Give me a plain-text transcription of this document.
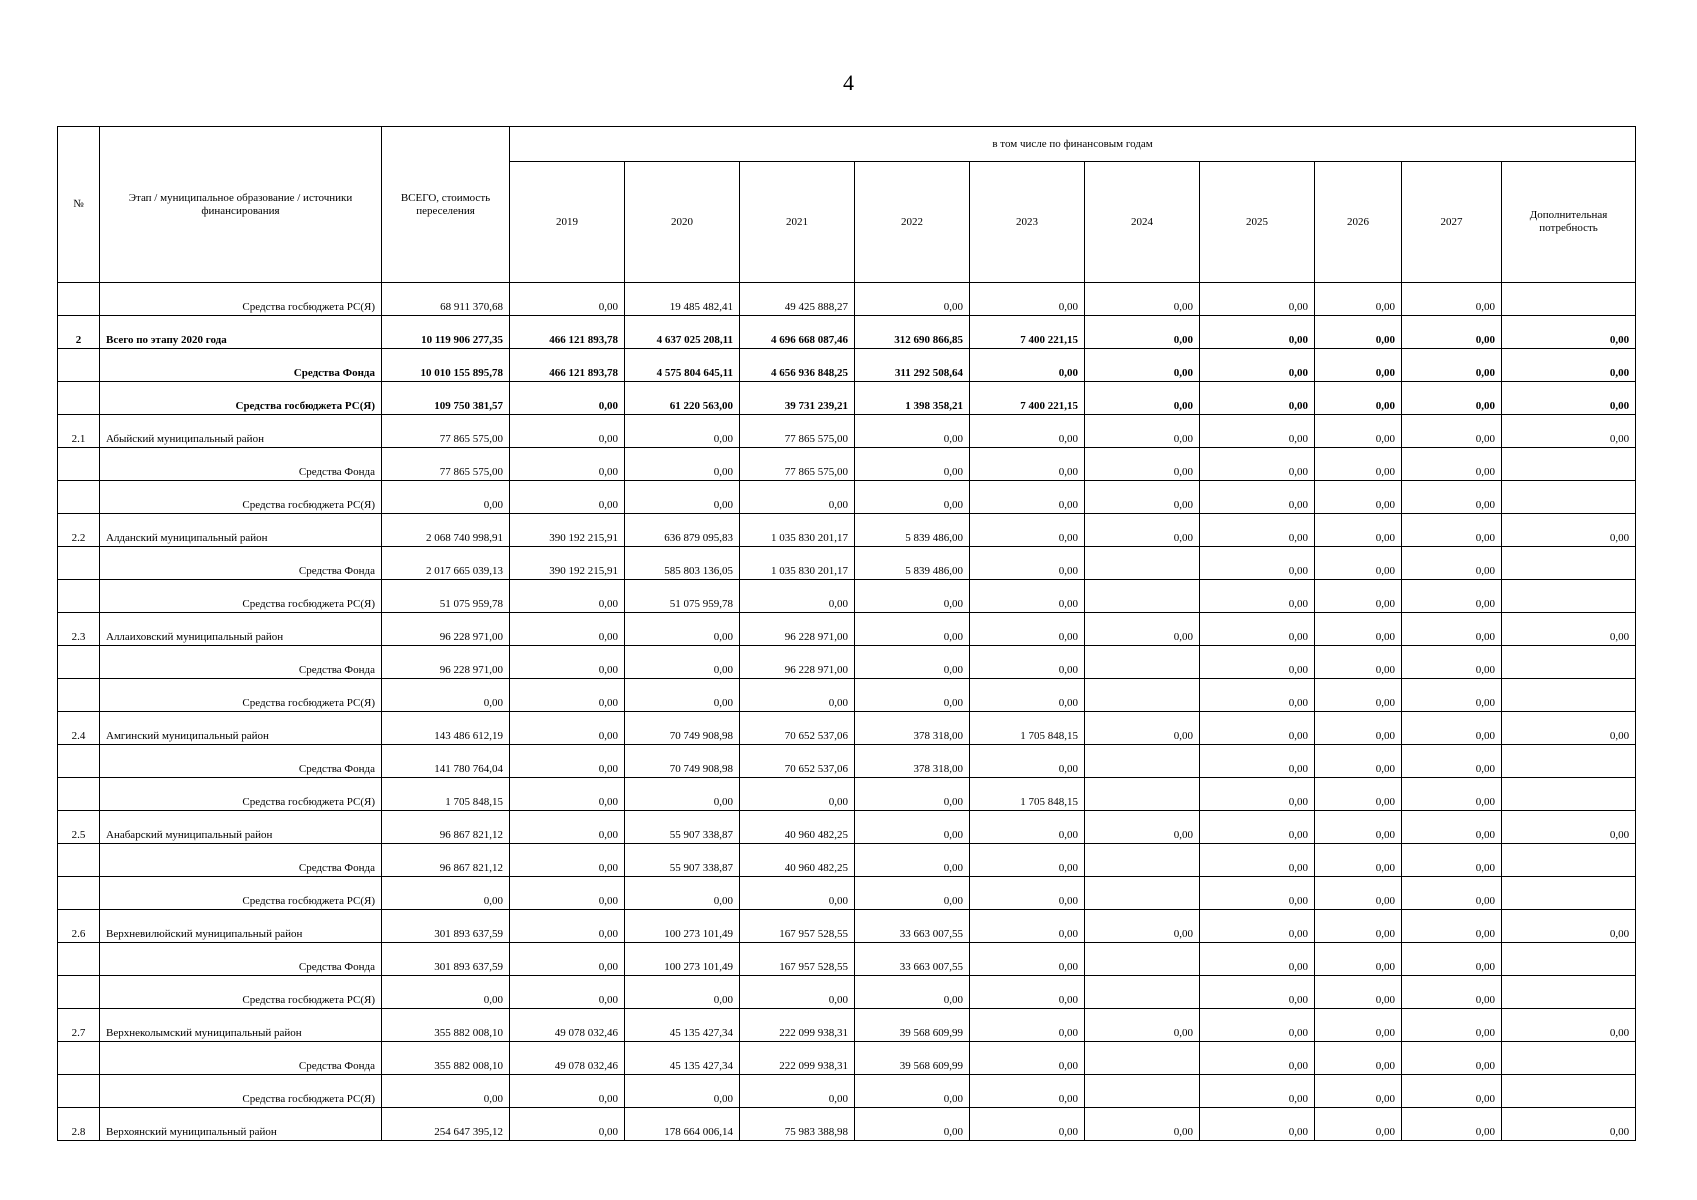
4
№	Этап / муниципальное образование / источники финансирования	ВСЕГО, стоимость переселения	в том числе по финансовым годам									
			2019	2020	2021	2022	2023	2024	2025	2026	2027	Дополнительная потребность
	Средства госбюджета РС(Я)	68 911 370,68	0,00	19 485 482,41	49 425 888,27	0,00	0,00	0,00	0,00	0,00	0,00	
2	Всего по этапу 2020 года	10 119 906 277,35	466 121 893,78	4 637 025 208,11	4 696 668 087,46	312 690 866,85	7 400 221,15	0,00	0,00	0,00	0,00	0,00
	Средства Фонда	10 010 155 895,78	466 121 893,78	4 575 804 645,11	4 656 936 848,25	311 292 508,64	0,00	0,00	0,00	0,00	0,00	0,00
	Средства госбюджета РС(Я)	109 750 381,57	0,00	61 220 563,00	39 731 239,21	1 398 358,21	7 400 221,15	0,00	0,00	0,00	0,00	0,00
2.1	Абыйский муниципальный район	77 865 575,00	0,00	0,00	77 865 575,00	0,00	0,00	0,00	0,00	0,00	0,00	0,00
	Средства Фонда	77 865 575,00	0,00	0,00	77 865 575,00	0,00	0,00	0,00	0,00	0,00	0,00	
	Средства госбюджета РС(Я)	0,00	0,00	0,00	0,00	0,00	0,00	0,00	0,00	0,00	0,00	
2.2	Алданский муниципальный район	2 068 740 998,91	390 192 215,91	636 879 095,83	1 035 830 201,17	5 839 486,00	0,00	0,00	0,00	0,00	0,00	0,00
	Средства Фонда	2 017 665 039,13	390 192 215,91	585 803 136,05	1 035 830 201,17	5 839 486,00	0,00		0,00	0,00	0,00	
	Средства госбюджета РС(Я)	51 075 959,78	0,00	51 075 959,78	0,00	0,00	0,00		0,00	0,00	0,00	
2.3	Аллаиховский муниципальный район	96 228 971,00	0,00	0,00	96 228 971,00	0,00	0,00	0,00	0,00	0,00	0,00	0,00
	Средства Фонда	96 228 971,00	0,00	0,00	96 228 971,00	0,00	0,00		0,00	0,00	0,00	
	Средства госбюджета РС(Я)	0,00	0,00	0,00	0,00	0,00	0,00		0,00	0,00	0,00	
2.4	Амгинский муниципальный район	143 486 612,19	0,00	70 749 908,98	70 652 537,06	378 318,00	1 705 848,15	0,00	0,00	0,00	0,00	0,00
	Средства Фонда	141 780 764,04	0,00	70 749 908,98	70 652 537,06	378 318,00	0,00		0,00	0,00	0,00	
	Средства госбюджета РС(Я)	1 705 848,15	0,00	0,00	0,00	0,00	1 705 848,15		0,00	0,00	0,00	
2.5	Анабарский муниципальный район	96 867 821,12	0,00	55 907 338,87	40 960 482,25	0,00	0,00	0,00	0,00	0,00	0,00	0,00
	Средства Фонда	96 867 821,12	0,00	55 907 338,87	40 960 482,25	0,00	0,00		0,00	0,00	0,00	
	Средства госбюджета РС(Я)	0,00	0,00	0,00	0,00	0,00	0,00		0,00	0,00	0,00	
2.6	Верхневилюйский муниципальный район	301 893 637,59	0,00	100 273 101,49	167 957 528,55	33 663 007,55	0,00	0,00	0,00	0,00	0,00	0,00
	Средства Фонда	301 893 637,59	0,00	100 273 101,49	167 957 528,55	33 663 007,55	0,00		0,00	0,00	0,00	
	Средства госбюджета РС(Я)	0,00	0,00	0,00	0,00	0,00	0,00		0,00	0,00	0,00	
2.7	Верхнеколымский муниципальный район	355 882 008,10	49 078 032,46	45 135 427,34	222 099 938,31	39 568 609,99	0,00	0,00	0,00	0,00	0,00	0,00
	Средства Фонда	355 882 008,10	49 078 032,46	45 135 427,34	222 099 938,31	39 568 609,99	0,00		0,00	0,00	0,00	
	Средства госбюджета РС(Я)	0,00	0,00	0,00	0,00	0,00	0,00		0,00	0,00	0,00	
2.8	Верхоянский муниципальный район	254 647 395,12	0,00	178 664 006,14	75 983 388,98	0,00	0,00	0,00	0,00	0,00	0,00	0,00
